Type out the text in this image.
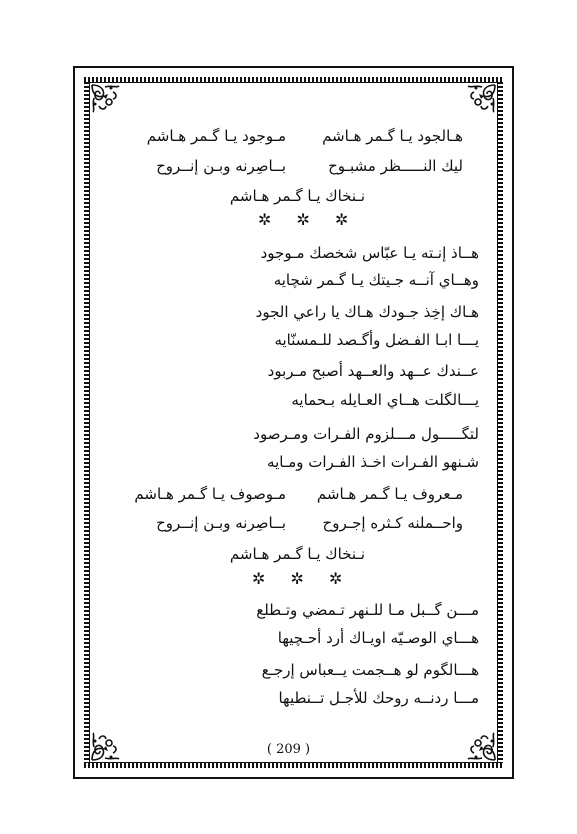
هـالجود يـا گـمر هـاشم
مـوجود يـا گـمر هـاشم
ليك النـــــظر مشبـوح
بــاصِرنه وبـن إنــروح
نـنخاك يـا گـمر هـاشم
✲ ✲ ✲
هــاذ إنـته يـا عبّاس شخصك مـوجود
وهــاي آنــه جـيتك يـا گـمر شچايه
هـاك إخِذ جـودك هـاك يا راعي الجود
يـــا ابـا الفـضل وأگـصد للـمسنّايه
عــندك عــهد والعــهد أصبح مـربود
يـــالگلت هــاي العـايله بـحمايه
لتگـــــول مـــلزوم الفـرات ومـرصود
شـنهو الفـرات اخـذ الفـرات ومـايه
مـعروف يـا گـمر هـاشم
مـوصوف يـا گـمر هـاشم
واحــملنه كـثره إجـروح
بــاصِرنه وبـن إنــروح
نـنخاك يـا گـمر هـاشم
✲ ✲ ✲
مـــن گــبل مـا للـنهر تـمضي وتـطلع
هـــاي الوصـيّه اويـاك أرد أحـچيها
هـــالگوم لو هــجمت يــعباس إرجـع
مـــا ردنــه روحك للأجـل تــنطيها
( 209 )
